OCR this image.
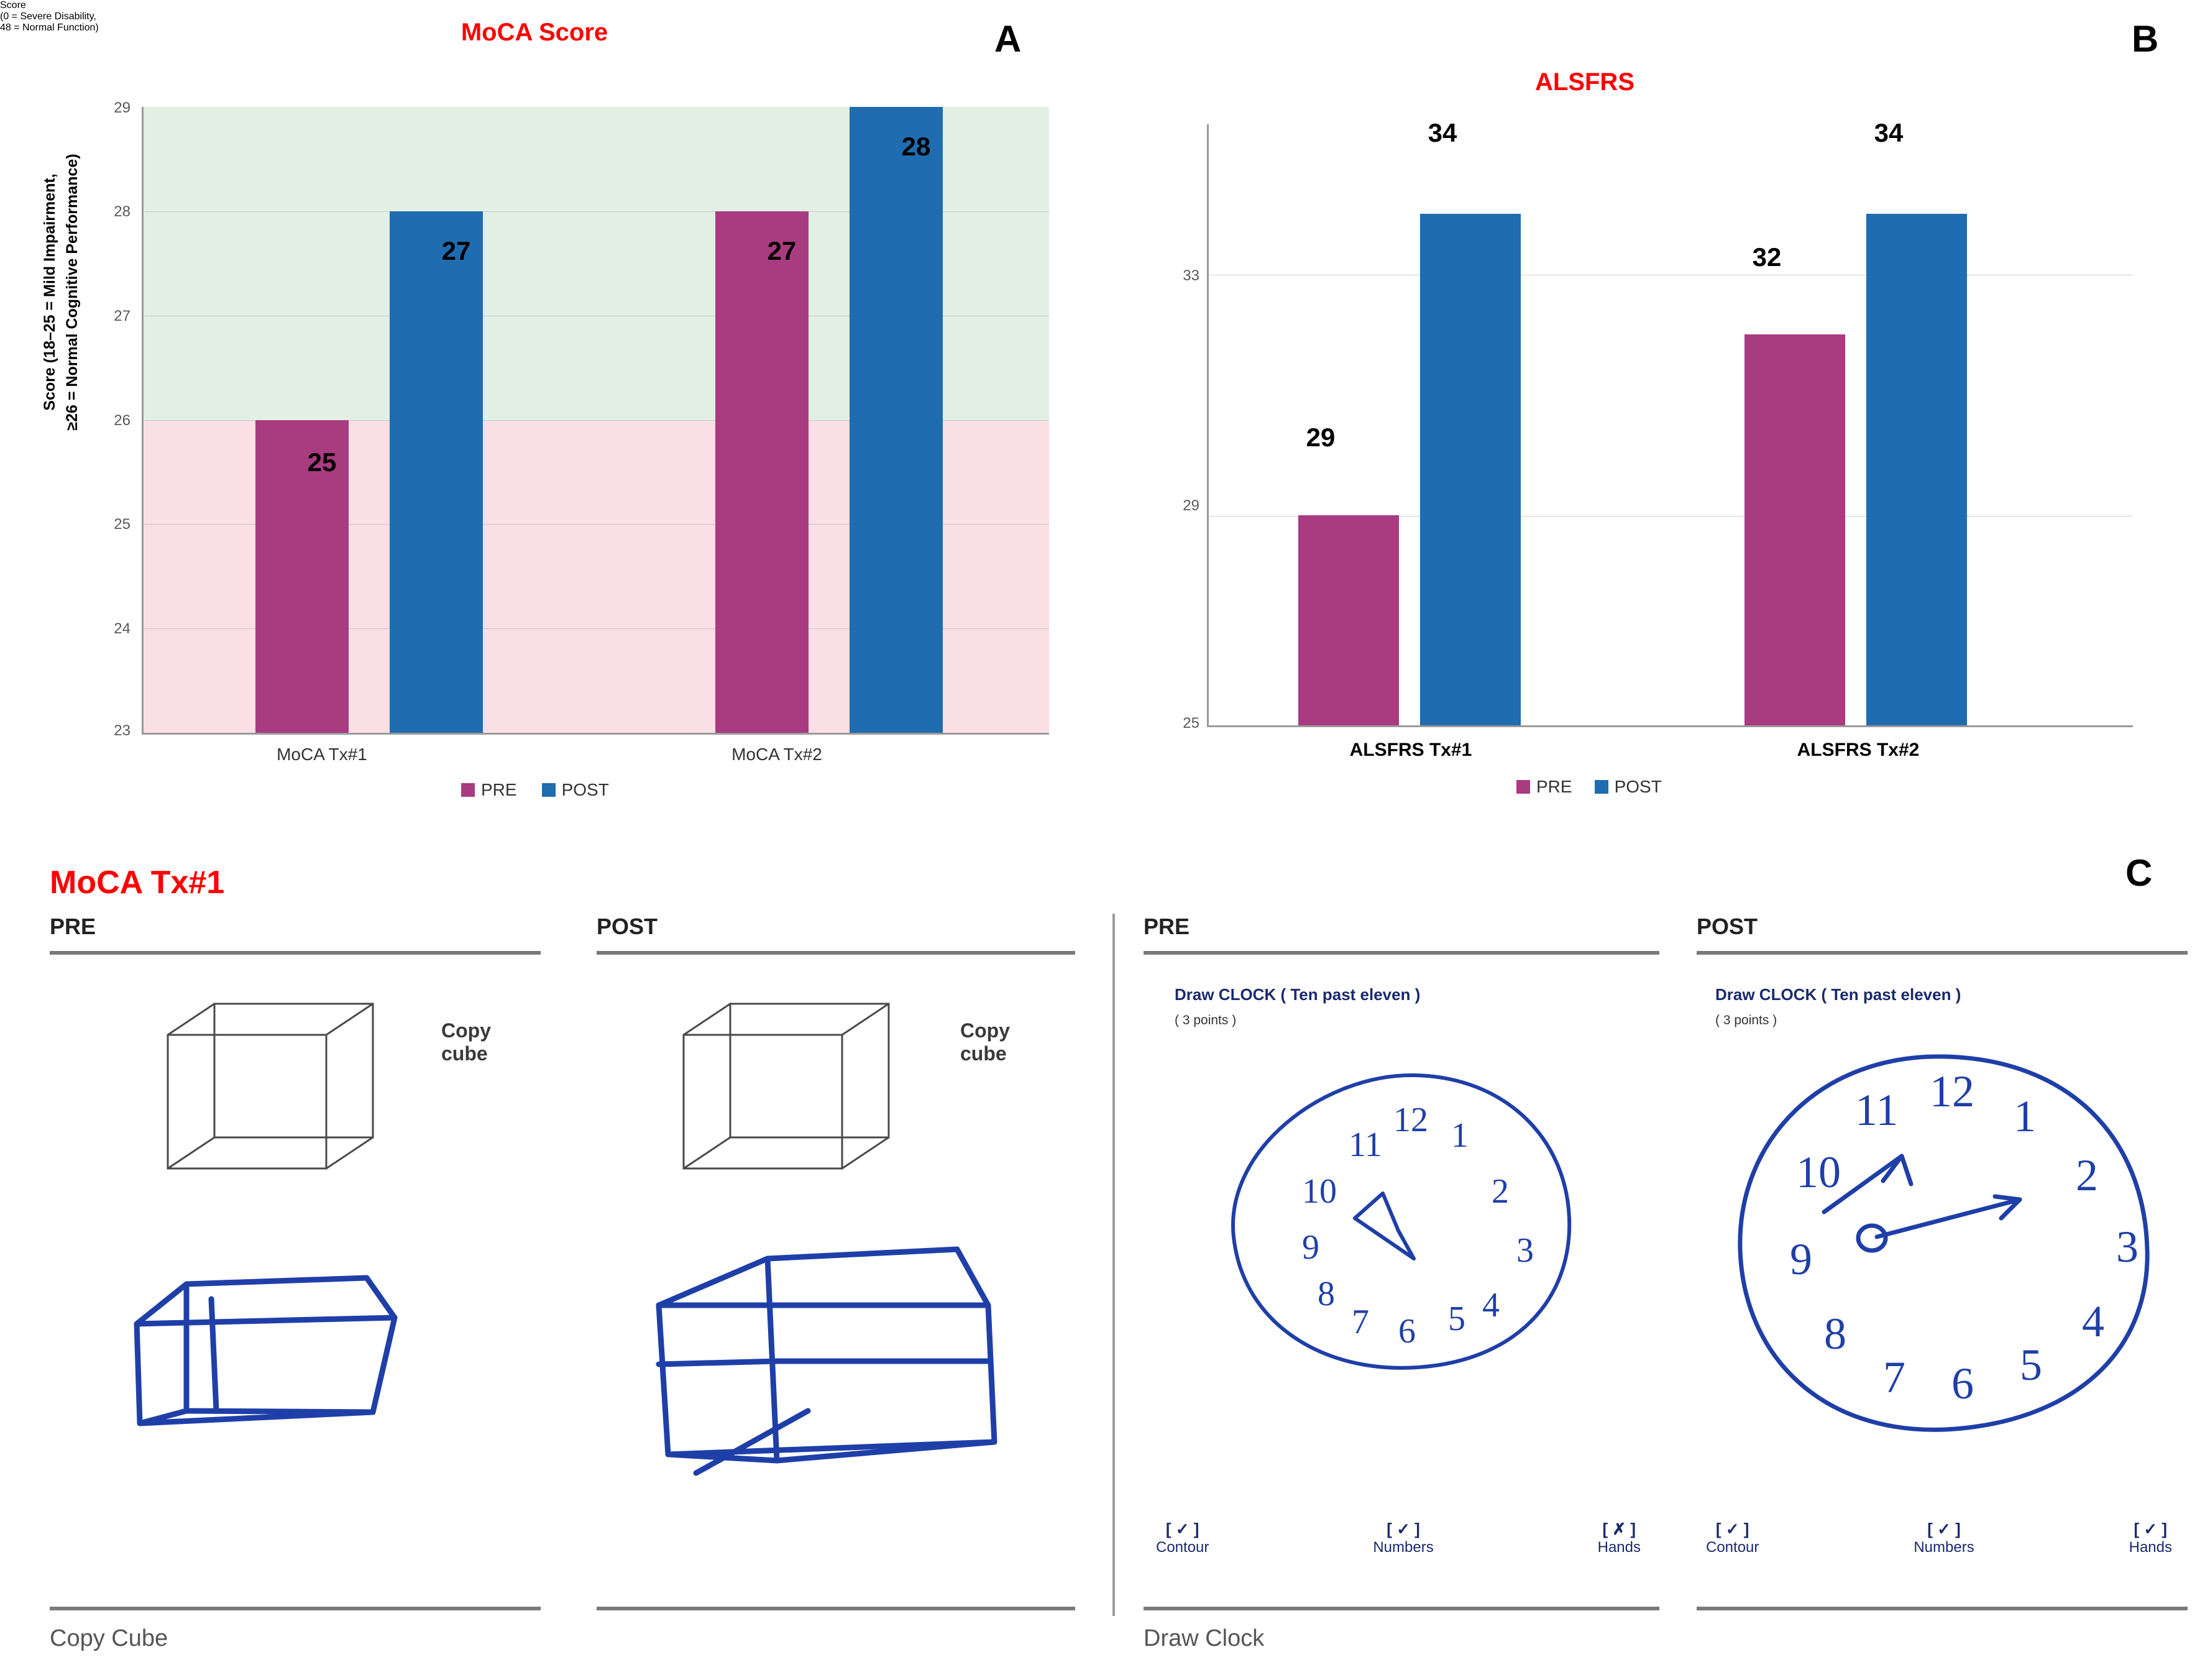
A
MoCA Score
Score (18–25 = Mild Impairment, ≥26 = Normal Cognitive Performance)
29
28
27
26
25
24
23
25
27	27
28
MoCA Tx#1	MoCA Tx#2
PRE	POST
B
ALSFRS
Score
(0 = Severe Disability,
48 = Normal Function)
33
29
25
29
34
32
34
ALSFRS Tx#1	ALSFRS Tx#2
PRE POST
C
MoCA Tx#1
PRE
Copy
cube
Copy Cube
POST
Copy
cube
PRE
Draw CLOCK ( Ten past eleven )
( 3 points )
12 1
2
3
4
5
6
7
8
9
10
11
[ ✓ ]
Contour
[ ✓ ]
Numbers
[ ✗ ]
Hands
Draw Clock
POST
Draw CLOCK ( Ten past eleven )
( 3 points )
12 1
2
3
4
5
6
7
8
9
10
11
[ ✓ ]
Contour
[ ✓ ]
Numbers
[ ✓ ]
Hands
